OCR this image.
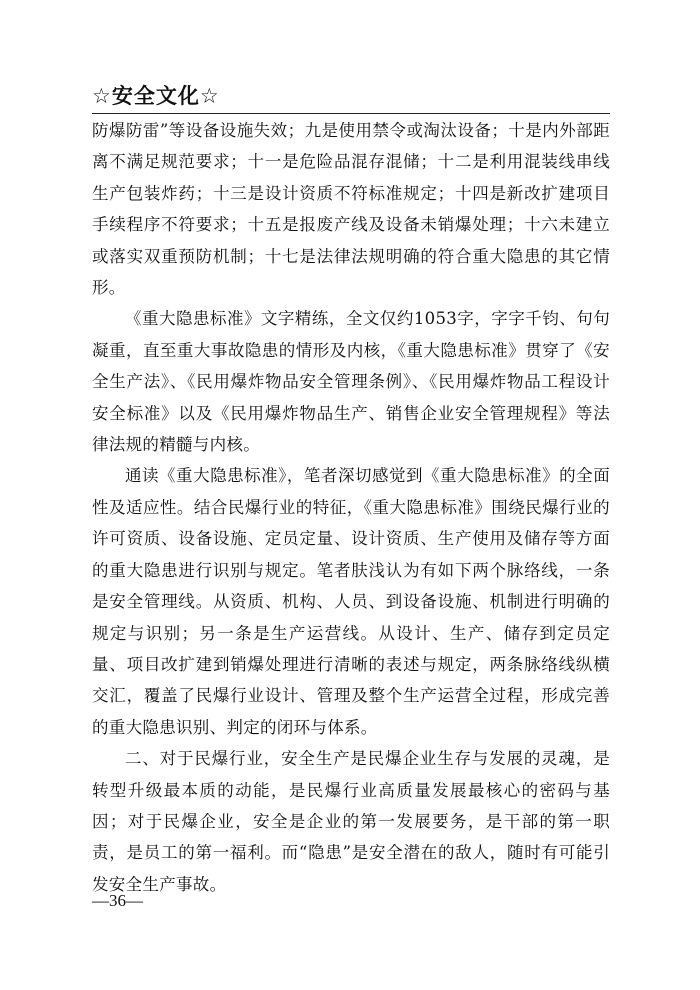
☆安全文化☆

防爆防雷”等设备设施失效；九是使用禁令或淘汰设备；十是内外部距离不满足规范要求；十一是危险品混存混储；十二是利用混装线串线生产包装炸药；十三是设计资质不符标准规定；十四是新改扩建项目手续程序不符要求；十五是报废产线及设备未销爆处理；十六未建立或落实双重预防机制；十七是法律法规明确的符合重大隐患的其它情形。

《重大隐患标准》文字精练，全文仅约1053字，字字千钧、句句凝重，直至重大事故隐患的情形及内核，《重大隐患标准》贯穿了《安全生产法》、《民用爆炸物品安全管理条例》、《民用爆炸物品工程设计安全标准》以及《民用爆炸物品生产、销售企业安全管理规程》等法律法规的精髓与内核。

通读《重大隐患标准》，笔者深切感觉到《重大隐患标准》的全面性及适应性。结合民爆行业的特征，《重大隐患标准》围绕民爆行业的许可资质、设备设施、定员定量、设计资质、生产使用及储存等方面的重大隐患进行识别与规定。笔者肤浅认为有如下两个脉络线，一条是安全管理线。从资质、机构、人员、到设备设施、机制进行明确的规定与识别；另一条是生产运营线。从设计、生产、储存到定员定量、项目改扩建到销爆处理进行清晰的表述与规定，两条脉络线纵横交汇，覆盖了民爆行业设计、管理及整个生产运营全过程，形成完善的重大隐患识别、判定的闭环与体系。

二、对于民爆行业，安全生产是民爆企业生存与发展的灵魂，是转型升级最本质的动能，是民爆行业高质量发展最核心的密码与基因；对于民爆企业，安全是企业的第一发展要务，是干部的第一职责，是员工的第一福利。而“隐患”是安全潜在的敌人，随时有可能引发安全生产事故。

—36—
